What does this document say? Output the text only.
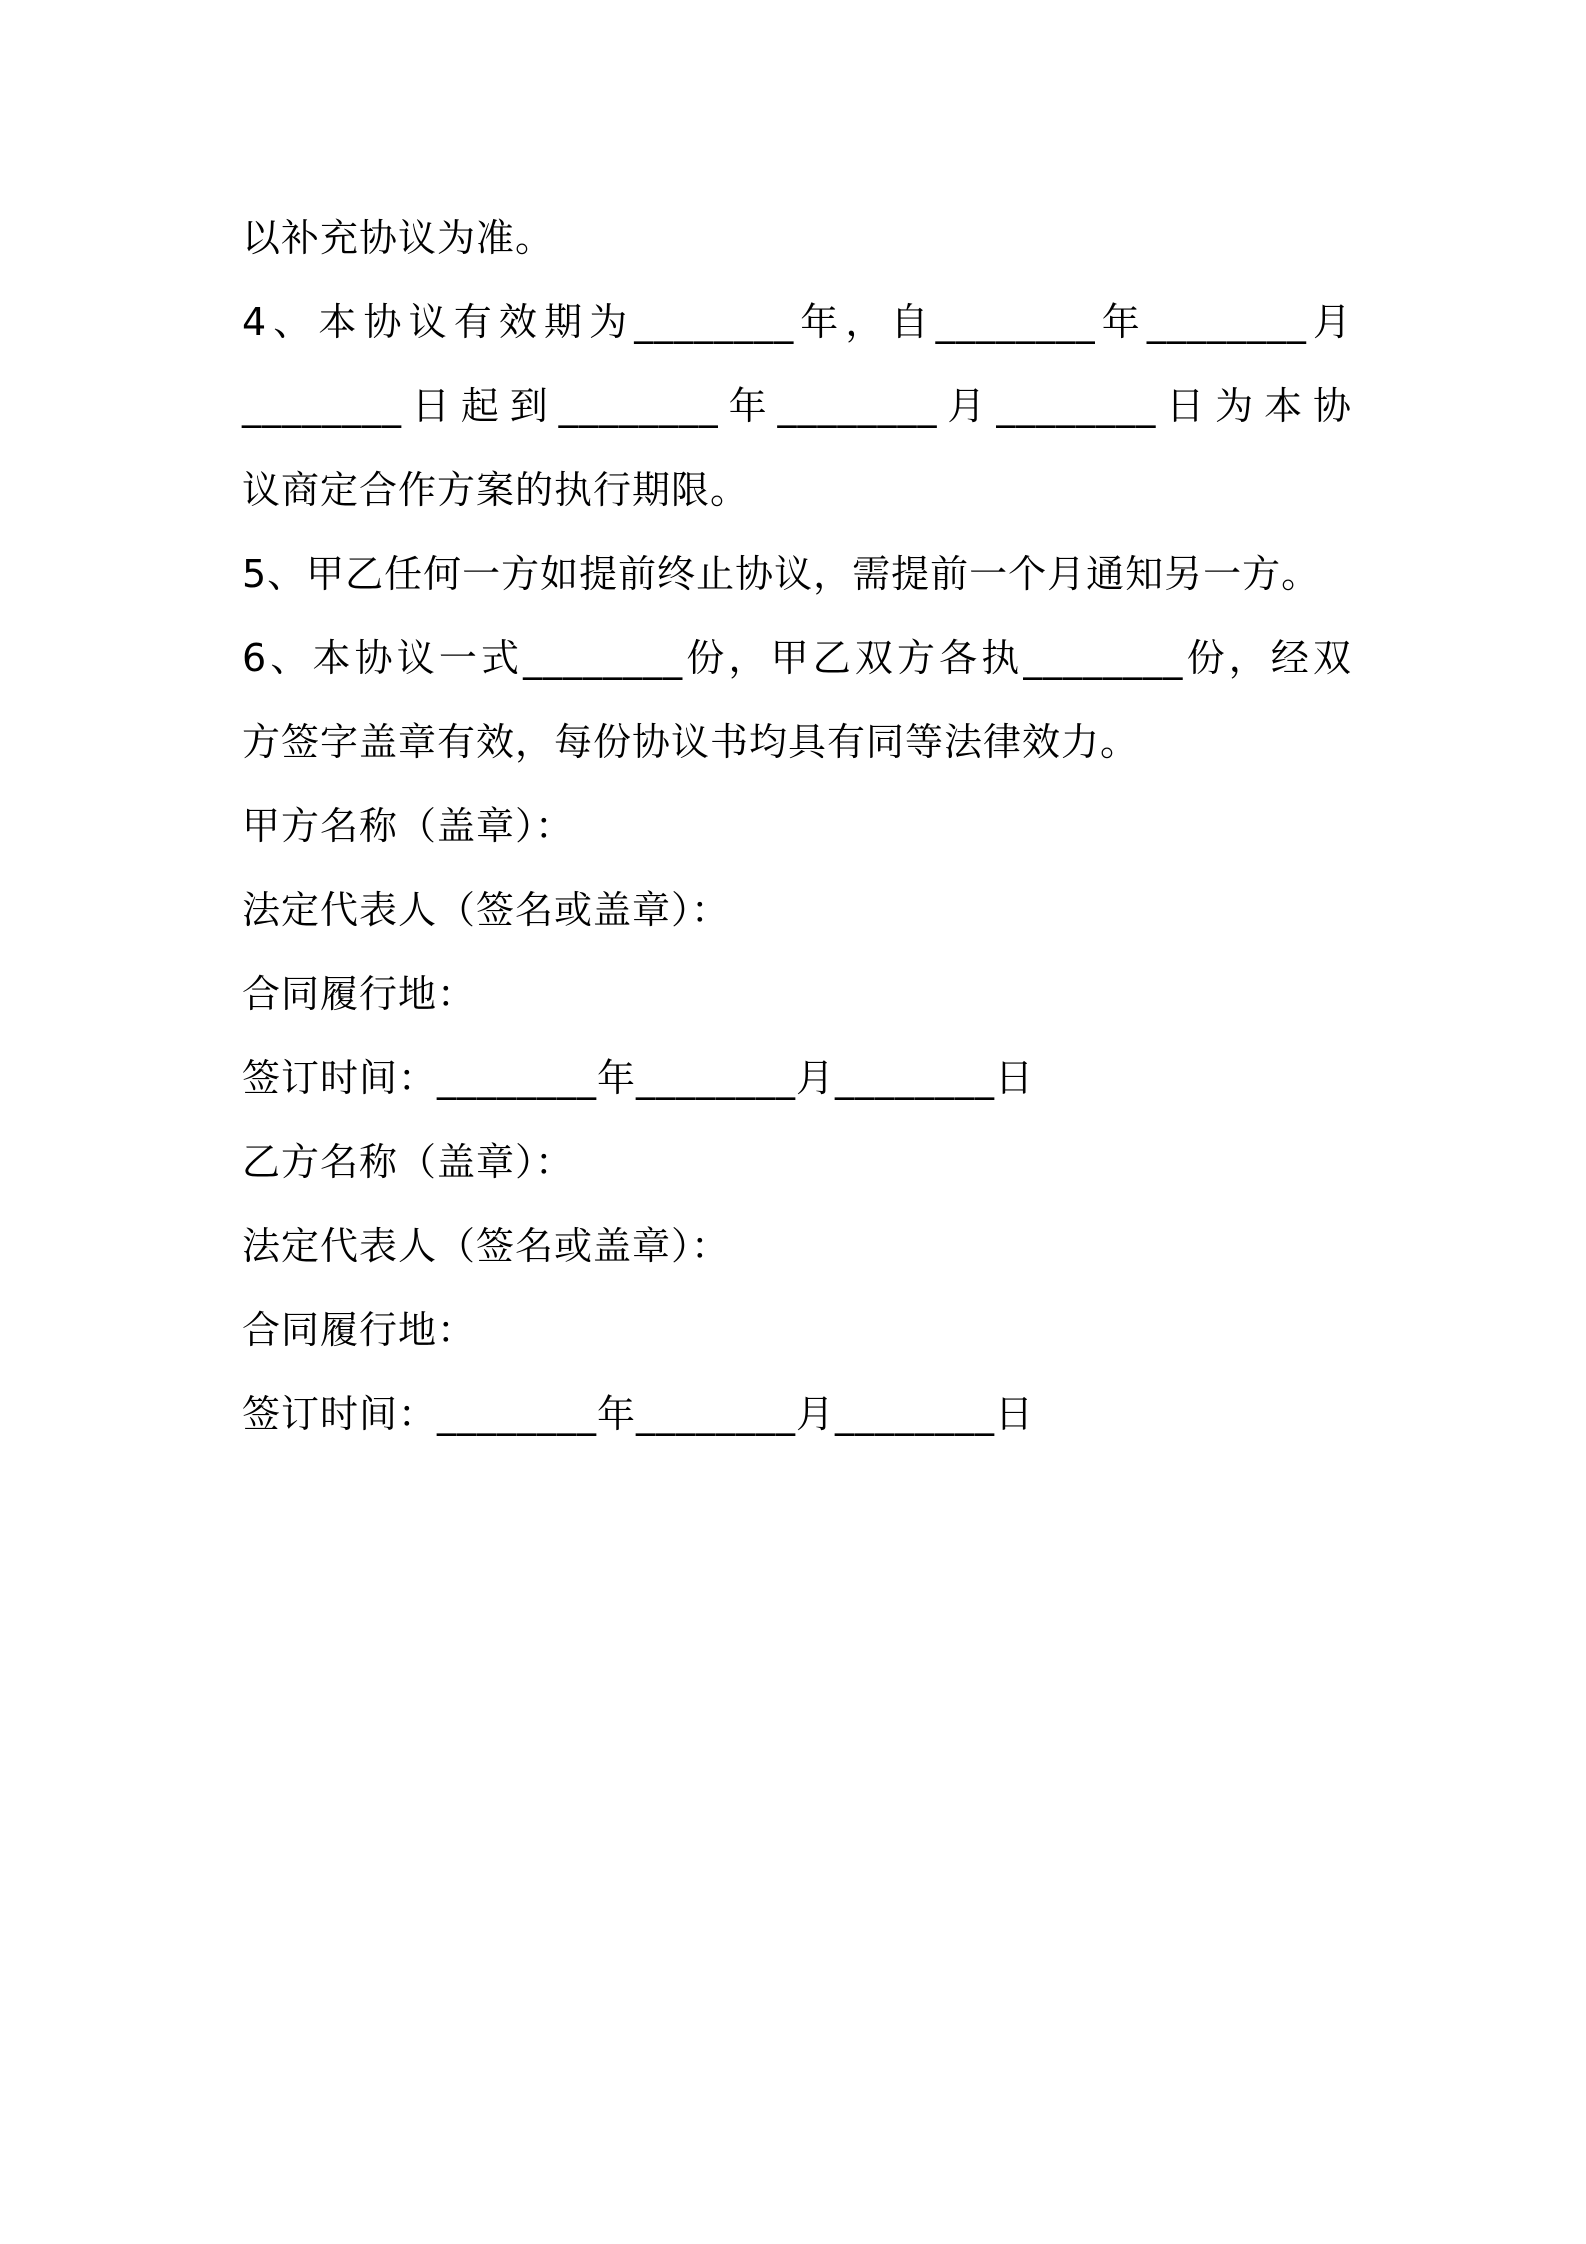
以补充协议为准。
4、本协议有效期为________年，自________年________月
________日起到________年________月________日为本协
议商定合作方案的执行期限。
5、甲乙任何一方如提前终止协议，需提前一个月通知另一方。
6、本协议一式________份，甲乙双方各执________份，经双
方签字盖章有效，每份协议书均具有同等法律效力。
甲方名称（盖章）：
法定代表人（签名或盖章）：
合同履行地：
签订时间：________年________月________日
乙方名称（盖章）：
法定代表人（签名或盖章）：
合同履行地：
签订时间：________年________月________日
